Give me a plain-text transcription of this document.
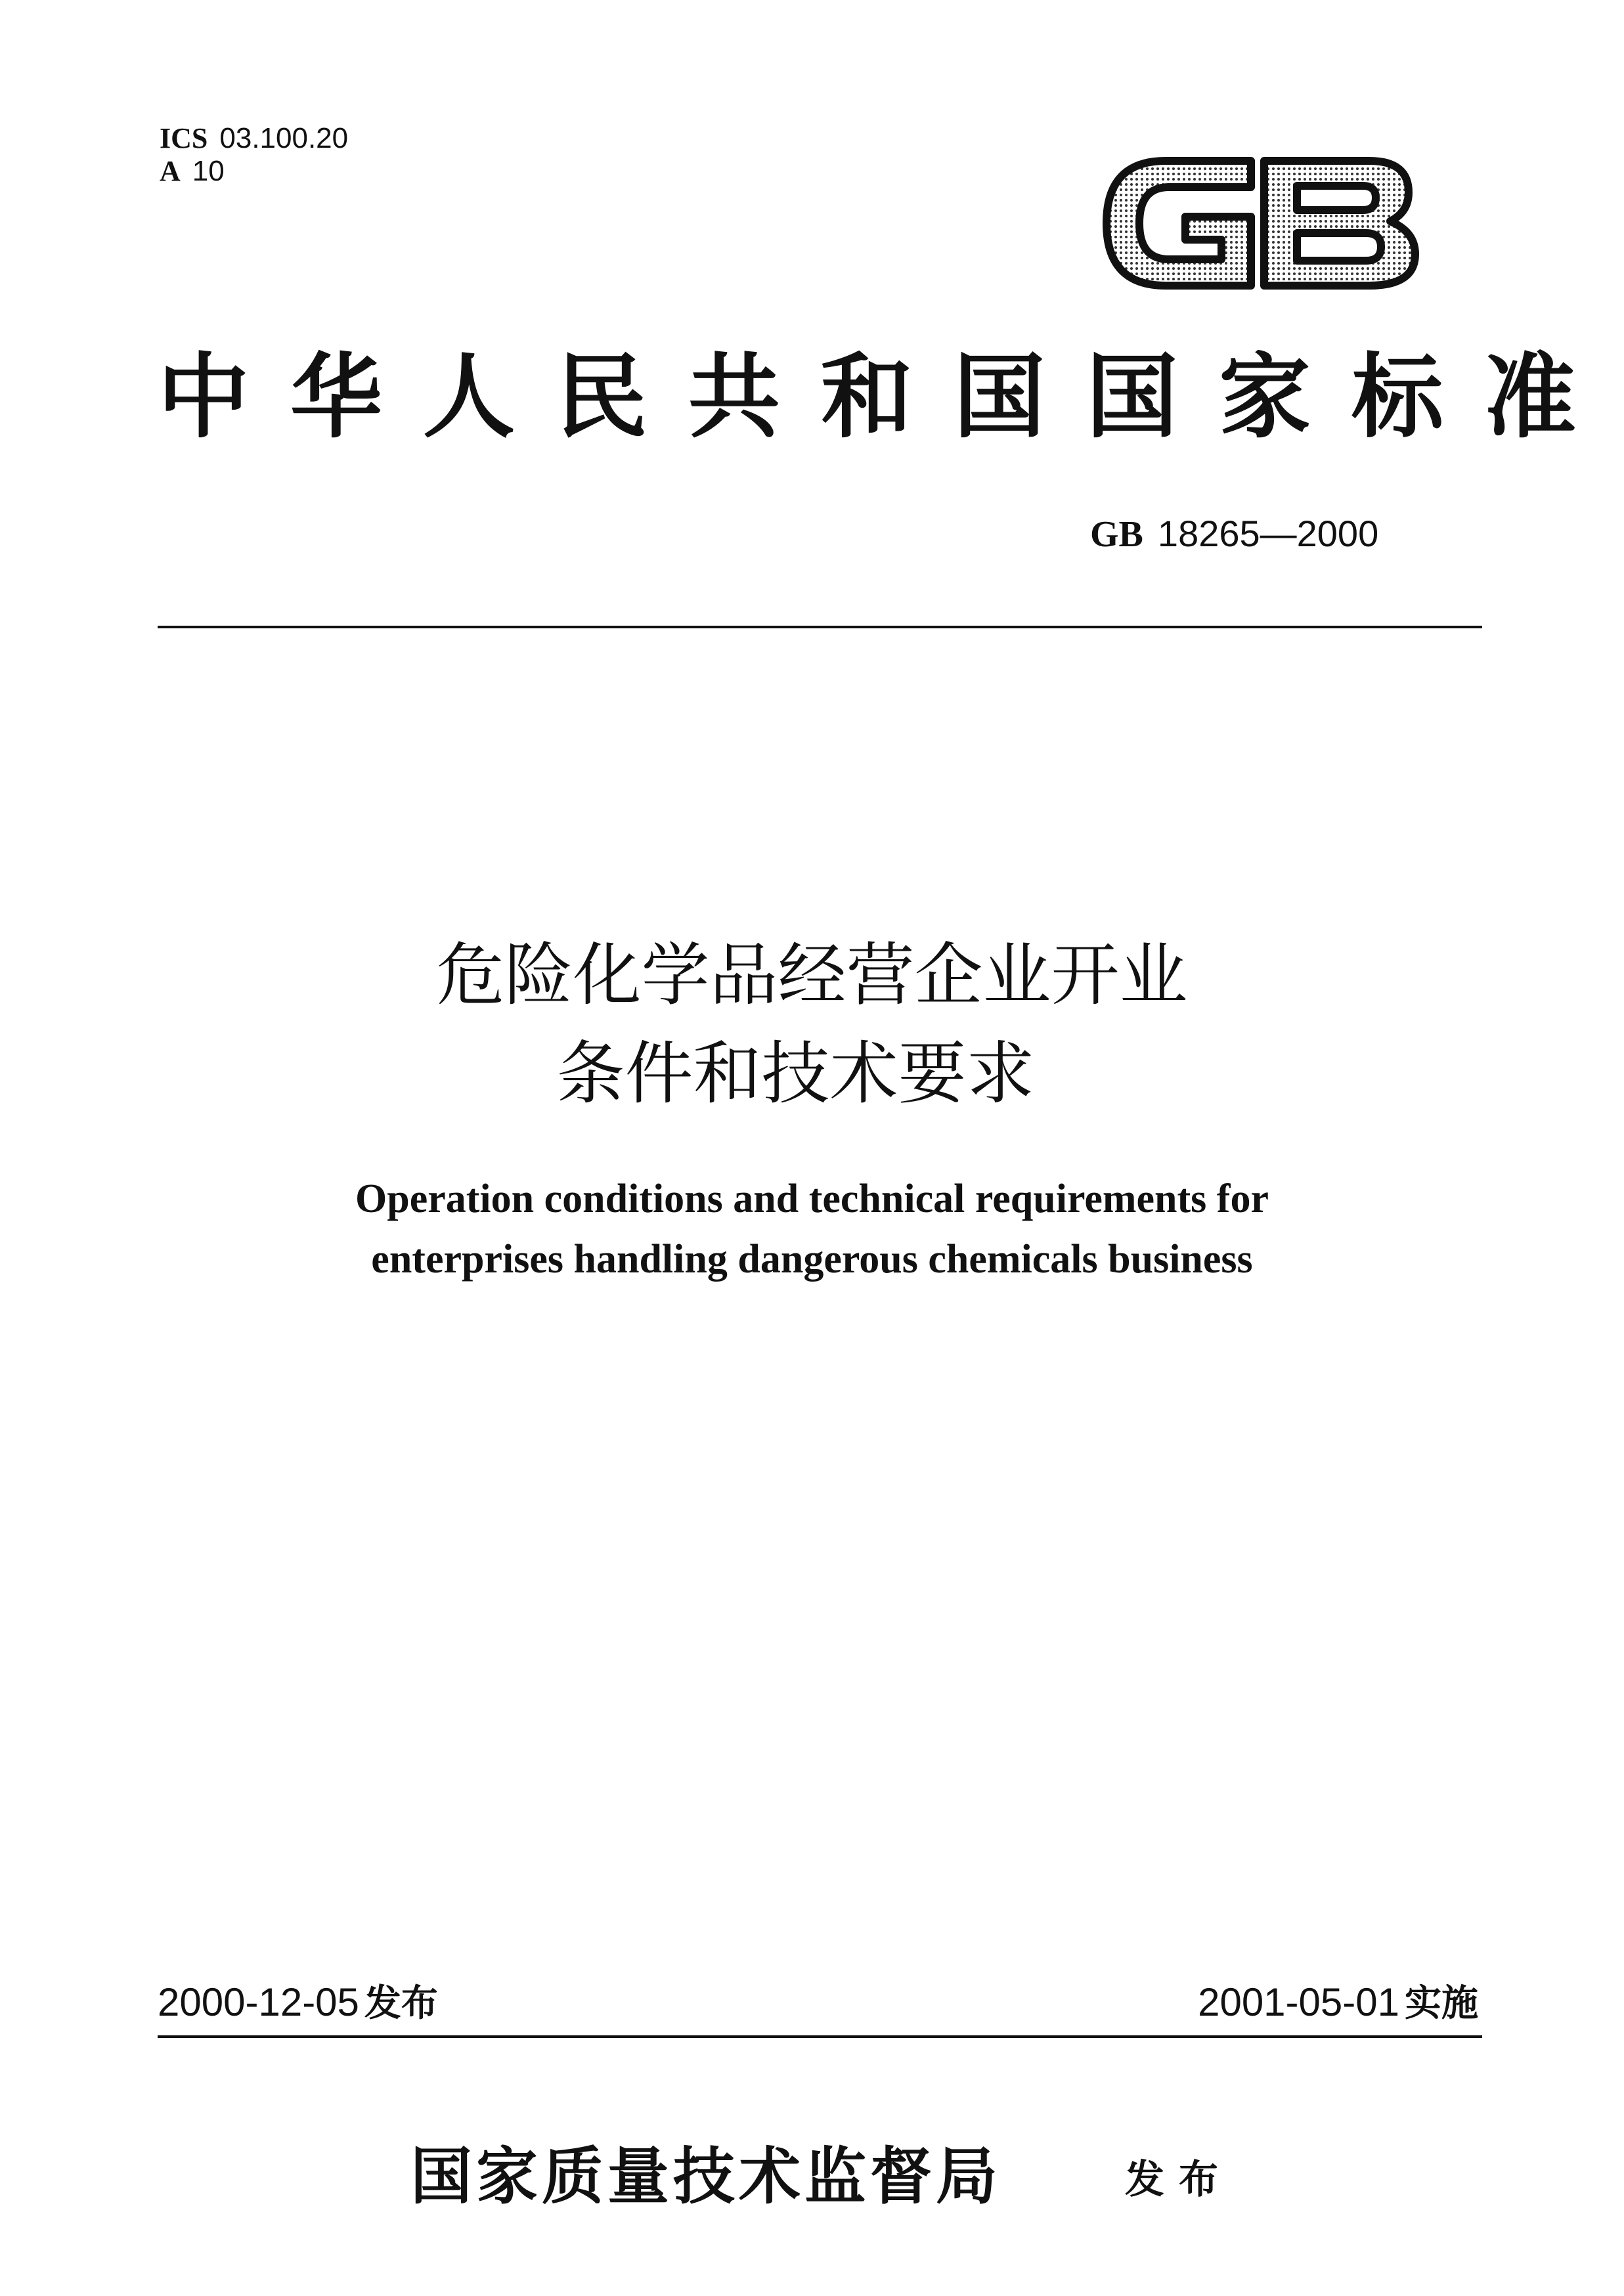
ICS 03.100.20
A 10
中华人民共和国国家标准
GB 18265—2000
危险化学品经营企业开业
条件和技术要求
Operation conditions and technical requirements for
enterprises handling dangerous chemicals business
2000-12-05 发布	2001-05-01 实施
国家质量技术监督局	发布
